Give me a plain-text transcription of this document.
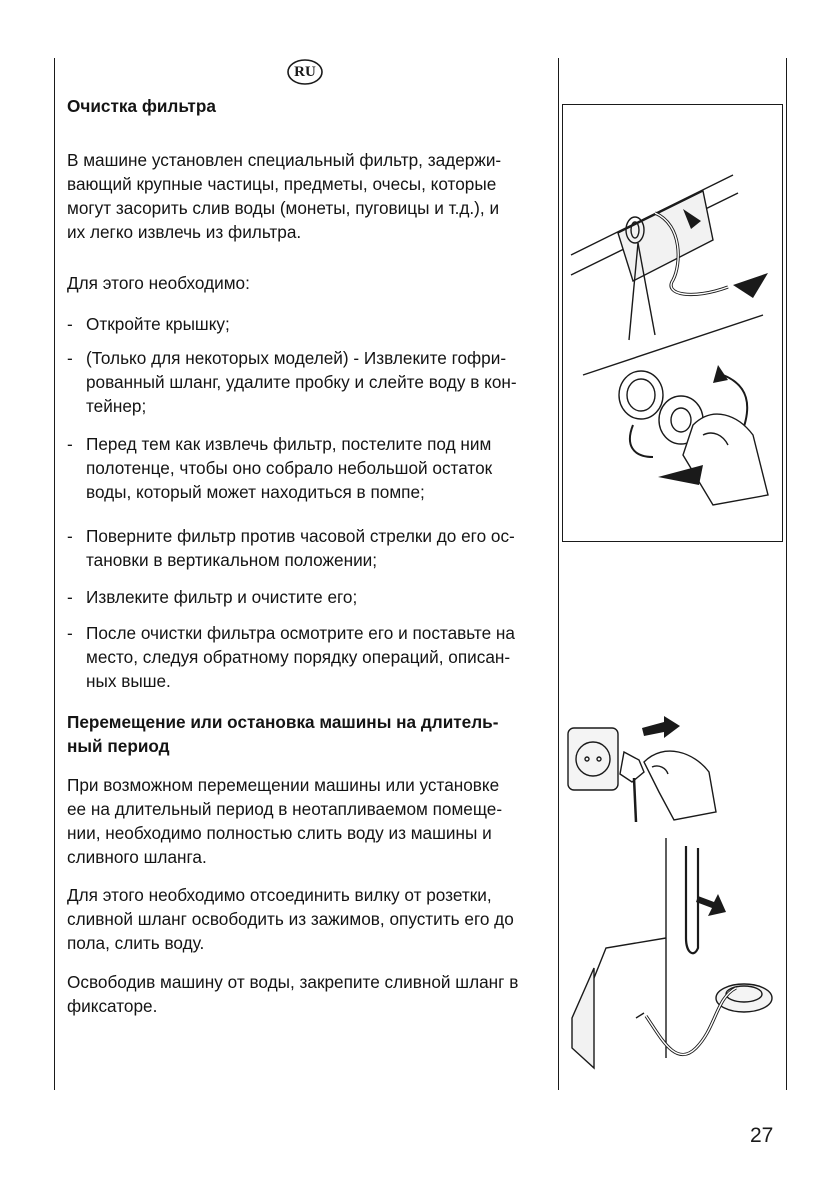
RU
Очистка фильтра

В машине установлен специальный фильтр, задержи-

вающий крупные частицы, предметы, очесы, которые

могут засорить слив воды (монеты, пуговицы и т.д.), и

их легко извлечь из фильтра.

Для этого необходимо:
- Откройте крышку;
- (Только для некоторых моделей) - Извлеките гофри-
рованный шланг, удалите пробку и слейте воду в кон-
тейнер;
- Перед тем как извлечь фильтр, постелите под ним
полотенце, чтобы оно собрало небольшой остаток
воды, который может находиться в помпе;
- Поверните фильтр против часовой стрелки до его ос-
тановки в вертикальном положении;
- Извлеките фильтр и очистите его;
- После очистки фильтра осмотрите его и поставьте на
место, следуя обратному порядку операций, описан-
ных выше.
Перемещение или остановка машины на длитель-
ный период

При возможном перемещении машины или установке

ее на длительный период в неотапливаемом помеще-

нии, необходимо полностью слить воду из машины и

сливного шланга.

Для этого необходимо отсоединить вилку от розетки,

сливной шланг освободить из зажимов, опустить его до

пола, слить воду.

Освободив машину от воды, закрепите сливной шланг в

фиксаторе.

27
